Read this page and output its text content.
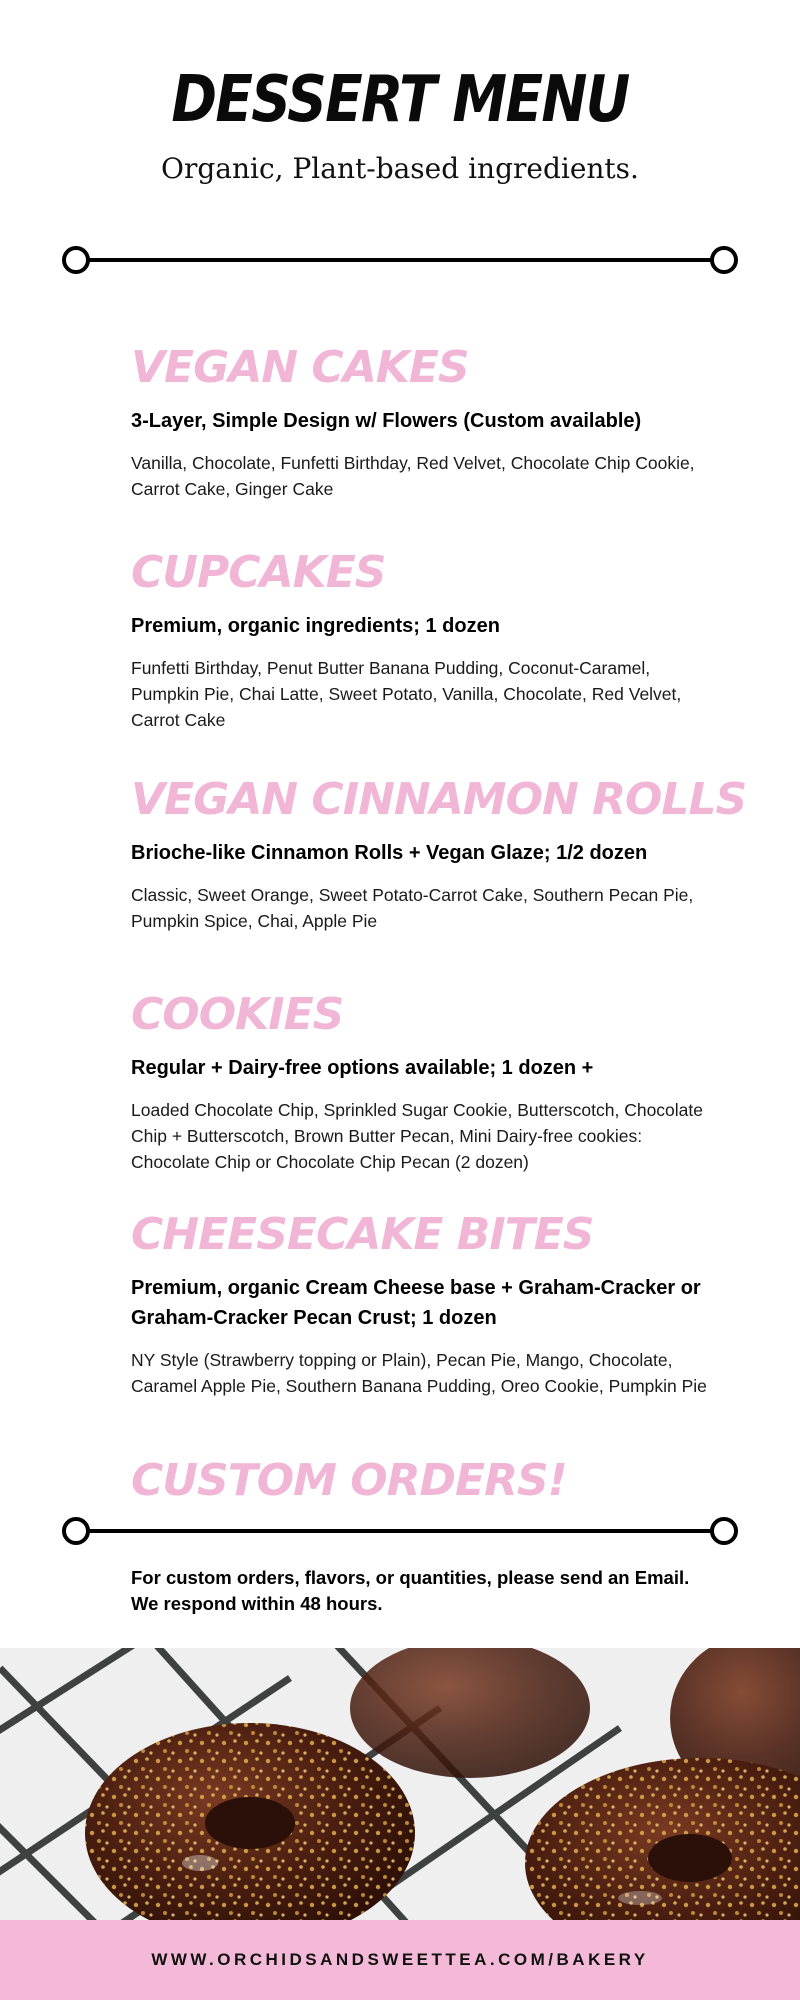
DESSERT MENU
Organic, Plant-based ingredients.
VEGAN CAKES
3-Layer, Simple Design w/ Flowers (Custom available)
Vanilla, Chocolate, Funfetti Birthday, Red Velvet, Chocolate Chip Cookie, Carrot Cake, Ginger Cake
CUPCAKES
Premium, organic ingredients; 1 dozen
Funfetti Birthday, Penut Butter Banana Pudding, Coconut-Caramel, Pumpkin Pie, Chai Latte, Sweet Potato, Vanilla, Chocolate, Red Velvet, Carrot Cake
VEGAN CINNAMON ROLLS
Brioche-like Cinnamon Rolls + Vegan Glaze; 1/2 dozen
Classic, Sweet Orange, Sweet Potato-Carrot Cake, Southern Pecan Pie, Pumpkin Spice, Chai, Apple Pie
COOKIES
Regular + Dairy-free options available; 1 dozen +
Loaded Chocolate Chip, Sprinkled Sugar Cookie, Butterscotch, Chocolate Chip + Butterscotch, Brown Butter Pecan, Mini Dairy-free cookies: Chocolate Chip or Chocolate Chip Pecan (2 dozen)
CHEESECAKE BITES
Premium, organic Cream Cheese base + Graham-Cracker or Graham-Cracker Pecan Crust; 1 dozen
NY Style (Strawberry topping or Plain), Pecan Pie, Mango, Chocolate, Caramel Apple Pie, Southern Banana Pudding, Oreo Cookie, Pumpkin Pie
CUSTOM ORDERS!
For custom orders, flavors, or quantities, please send an Email.
We respond within 48 hours.
WWW.ORCHIDSANDSWEETTEA.COM/BAKERY
